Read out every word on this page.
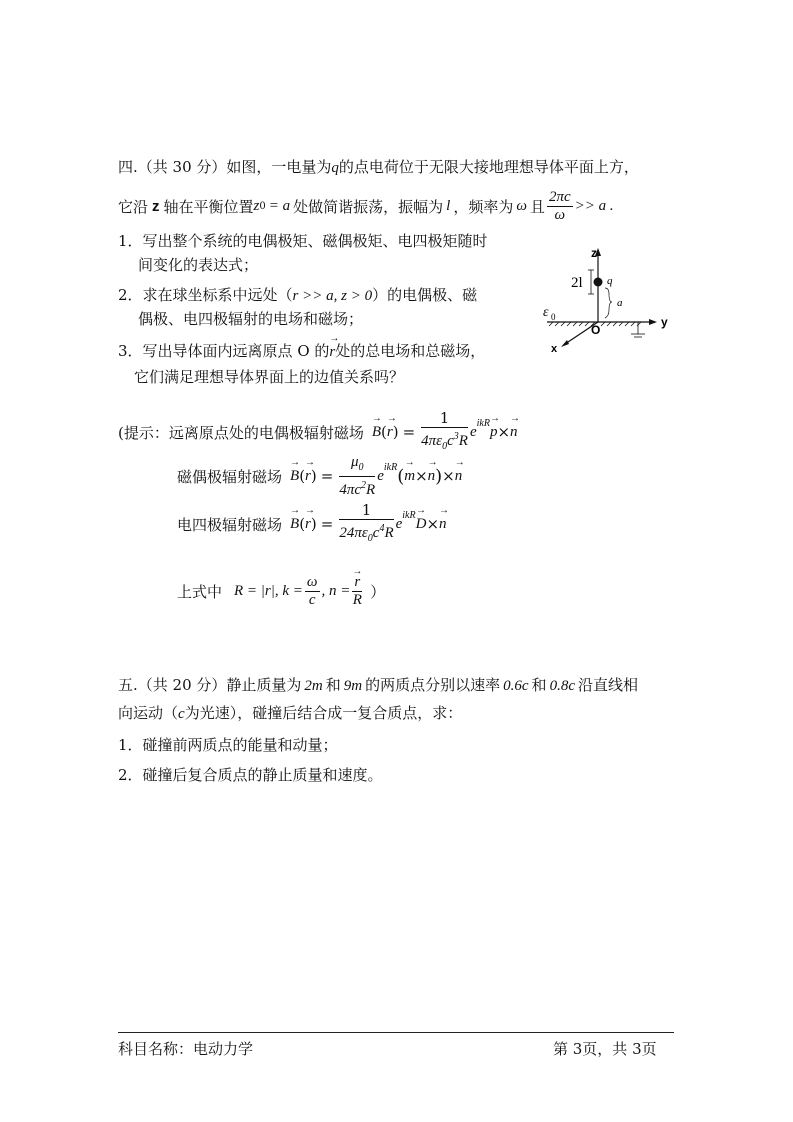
四.（共 30 分）如图，一电量为q的点电荷位于无限大接地理想导体平面上方，
它沿 z 轴在平衡位置 z 0 = a 处做简谐振荡，振幅为 l ，频率为 ω 且 $\frac{2\pi c}{\omega} >> a$ .
1．写出整个系统的电偶极矩、磁偶极矩、电四极矩随时
间变化的表达式；
2．求在球坐标系中远处（r >> a, z > 0）的电偶极、磁
偶极、电四极辐射的电场和磁场；
3．写出导体面内远离原点 O 的→ r处的总电场和总磁场，
它们满足理想导体界面上的边值关系吗？
z
y
x
O
2l q
a
ε 0
(提示：远离原点处的电偶极辐射磁场
→ B (
→ r ) = $\frac{1}{4\pi\varepsilon_0c^3R} e^{ikR}$
→ p ×
→ n
磁偶极辐射磁场
→ B (
→ r ) = $\frac{\mu_0}{4\pi c^2R} e^{ikR}$ (
→ m ×
→ n ) ×
→ n
电四极辐射磁场
→ B (
→ r ) = $\frac{1}{24\pi\varepsilon_0c^4R} e^{ikR}$
→ D ×
→ n
上式中 R = |r|, $k = \frac{\omega}{c}$ , n =
→ $\frac{r}{R}$ ）
五.（共 20 分）静止质量为 2m 和 9m 的两质点分别以速率 0.6c 和 0.8c 沿直线相
向运动（c为光速），碰撞后结合成一复合质点，求：
1．碰撞前两质点的能量和动量；
2．碰撞后复合质点的静止质量和速度。
科目名称：电动力学	第 3页，共 3页
